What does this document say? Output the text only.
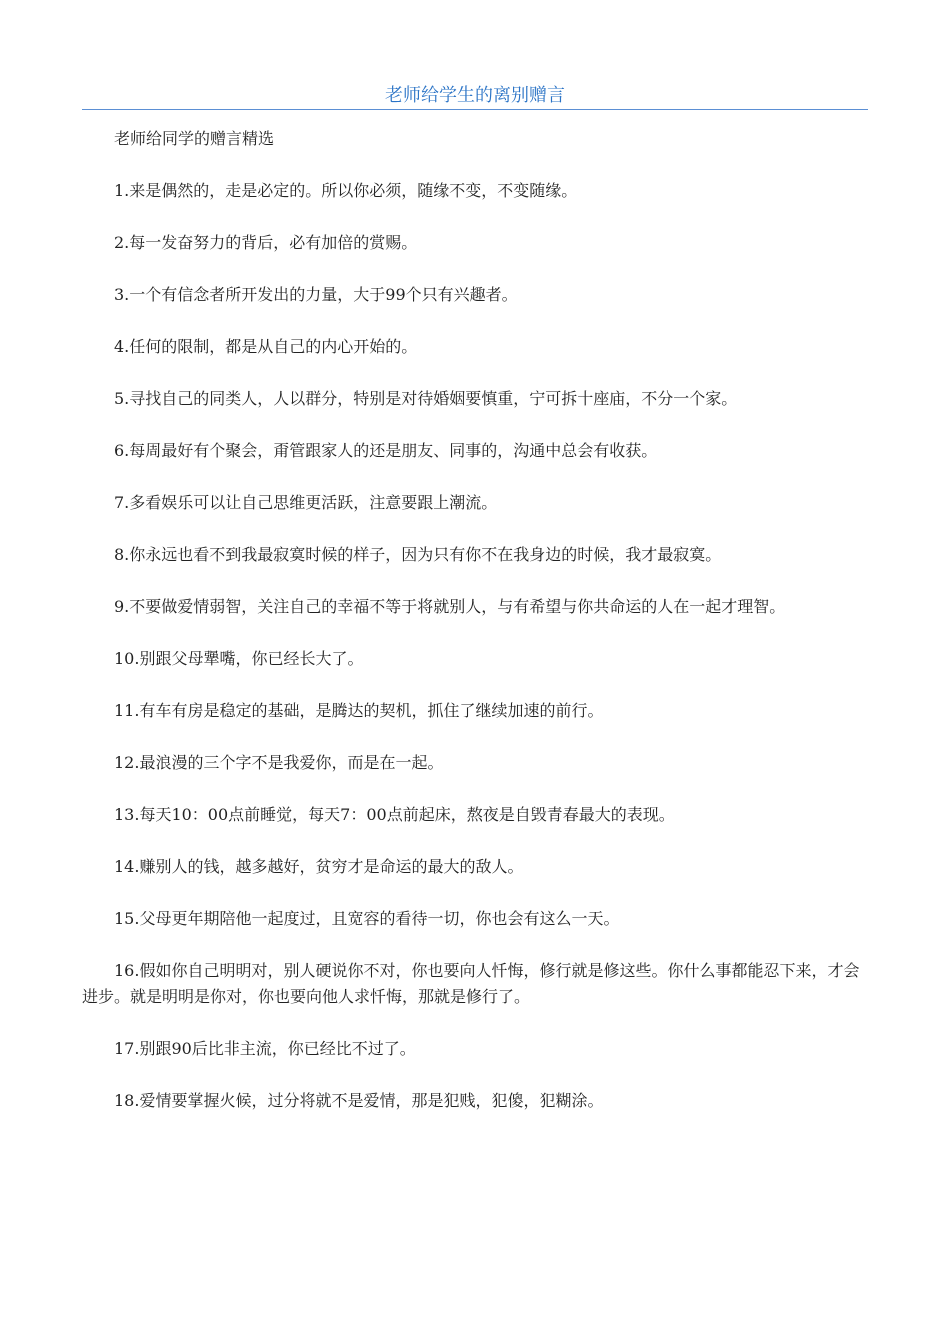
老师给学生的离别赠言

老师给同学的赠言精选

1.来是偶然的，走是必定的。所以你必须，随缘不变，不变随缘。

2.每一发奋努力的背后，必有加倍的赏赐。

3.一个有信念者所开发出的力量，大于99个只有兴趣者。

4.任何的限制，都是从自己的内心开始的。

5.寻找自己的同类人，人以群分，特别是对待婚姻要慎重，宁可拆十座庙，不分一个家。

6.每周最好有个聚会，甭管跟家人的还是朋友、同事的，沟通中总会有收获。

7.多看娱乐可以让自己思维更活跃，注意要跟上潮流。

8.你永远也看不到我最寂寞时候的样子，因为只有你不在我身边的时候，我才最寂寞。

9.不要做爱情弱智，关注自己的幸福不等于将就别人，与有希望与你共命运的人在一起才理智。

10.别跟父母犟嘴，你已经长大了。

11.有车有房是稳定的基础，是腾达的契机，抓住了继续加速的前行。

12.最浪漫的三个字不是我爱你，而是在一起。

13.每天10：00点前睡觉，每天7：00点前起床，熬夜是自毁青春最大的表现。

14.赚别人的钱，越多越好，贫穷才是命运的最大的敌人。

15.父母更年期陪他一起度过，且宽容的看待一切，你也会有这么一天。

16.假如你自己明明对，别人硬说你不对，你也要向人忏悔，修行就是修这些。你什么事都能忍下来，才会进步。就是明明是你对，你也要向他人求忏悔，那就是修行了。

17.别跟90后比非主流，你已经比不过了。

18.爱情要掌握火候，过分将就不是爱情，那是犯贱，犯傻，犯糊涂。
